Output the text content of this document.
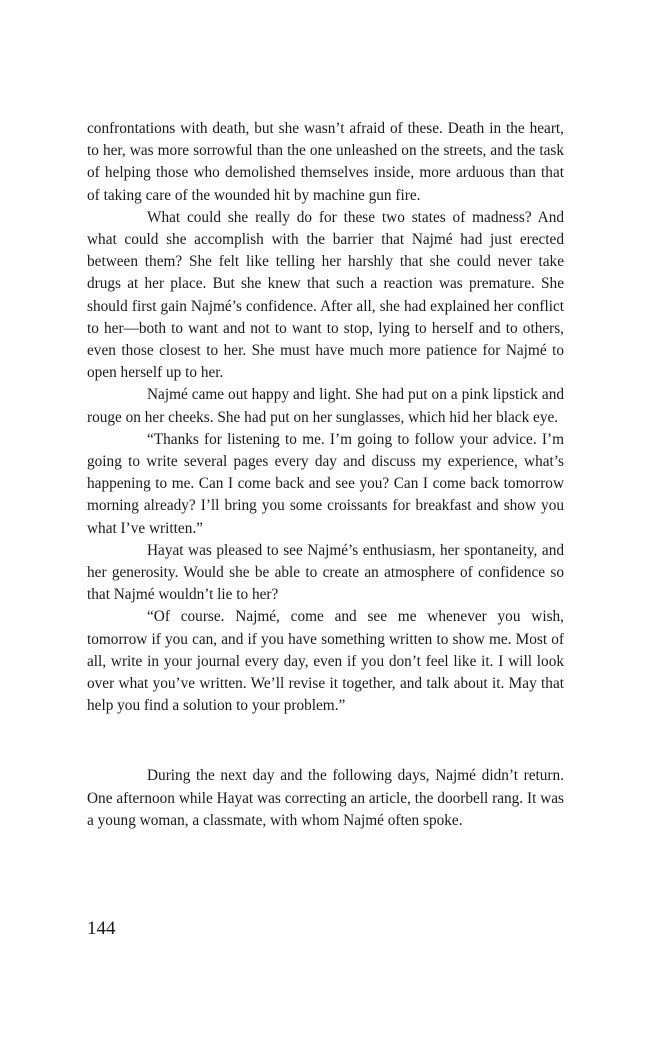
confrontations with death, but she wasn’t afraid of these. Death in the heart, to her, was more sorrowful than the one unleashed on the streets, and the task of helping those who demolished themselves inside, more arduous than that of taking care of the wounded hit by machine gun fire.

What could she really do for these two states of madness? And what could she accomplish with the barrier that Najmé had just erected between them? She felt like telling her harshly that she could never take drugs at her place. But she knew that such a reaction was premature. She should first gain Najmé’s confidence. After all, she had explained her conflict to her—both to want and not to want to stop, lying to herself and to others, even those closest to her. She must have much more patience for Najmé to open herself up to her.

Najmé came out happy and light. She had put on a pink lipstick and rouge on her cheeks. She had put on her sunglasses, which hid her black eye.

“Thanks for listening to me. I’m going to follow your advice. I’m going to write several pages every day and discuss my experience, what’s happening to me. Can I come back and see you? Can I come back tomorrow morning already? I’ll bring you some croissants for breakfast and show you what I’ve written.”

Hayat was pleased to see Najmé’s enthusiasm, her spontaneity, and her generosity. Would she be able to create an atmosphere of confidence so that Najmé wouldn’t lie to her?

“Of course. Najmé, come and see me whenever you wish, tomorrow if you can, and if you have something written to show me. Most of all, write in your journal every day, even if you don’t feel like it. I will look over what you’ve written. We’ll revise it together, and talk about it. May that help you find a solution to your problem.”

During the next day and the following days, Najmé didn’t return. One afternoon while Hayat was correcting an article, the doorbell rang. It was a young woman, a classmate, with whom Najmé often spoke.

144
